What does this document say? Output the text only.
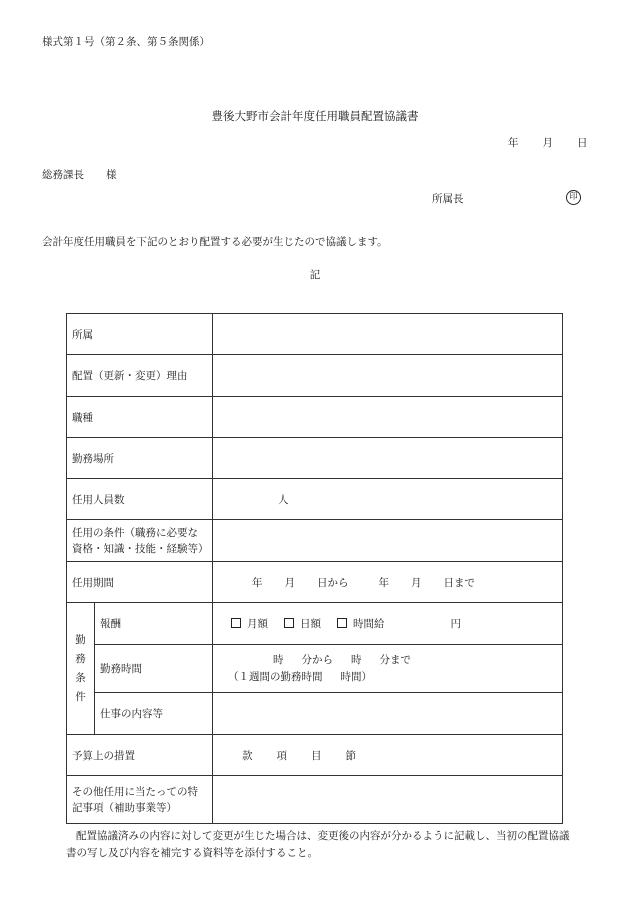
様式第１号（第２条、第５条関係）
豊後大野市会計年度任用職員配置協議書
年 月 日
総務課長 様
所属長	印
会計年度任用職員を下記のとおり配置する必要が生じたので協議します。
記
所属		
配置（更新・変更）理由		
職種		
勤務場所		
任用人員数		人

任用の条件（職務に必要な
資格・知識・技能・経験等）		

任用期間		年 月 日から 年 月 日まで

勤
務
条
件	報酬	月額 日額 時間給 円
	勤務時間	時 分から 時 分まで
（１週間の勤務時間 時間）

	仕事の内容等	
予算上の措置		款 項 目 節

その他任用に当たっての特
記事項（補助事業等）		

配置協議済みの内容に対して変更が生じた場合は、変更後の内容が分かるように記載し、当初の配置協議
書の写し及び内容を補完する資料等を添付すること。
